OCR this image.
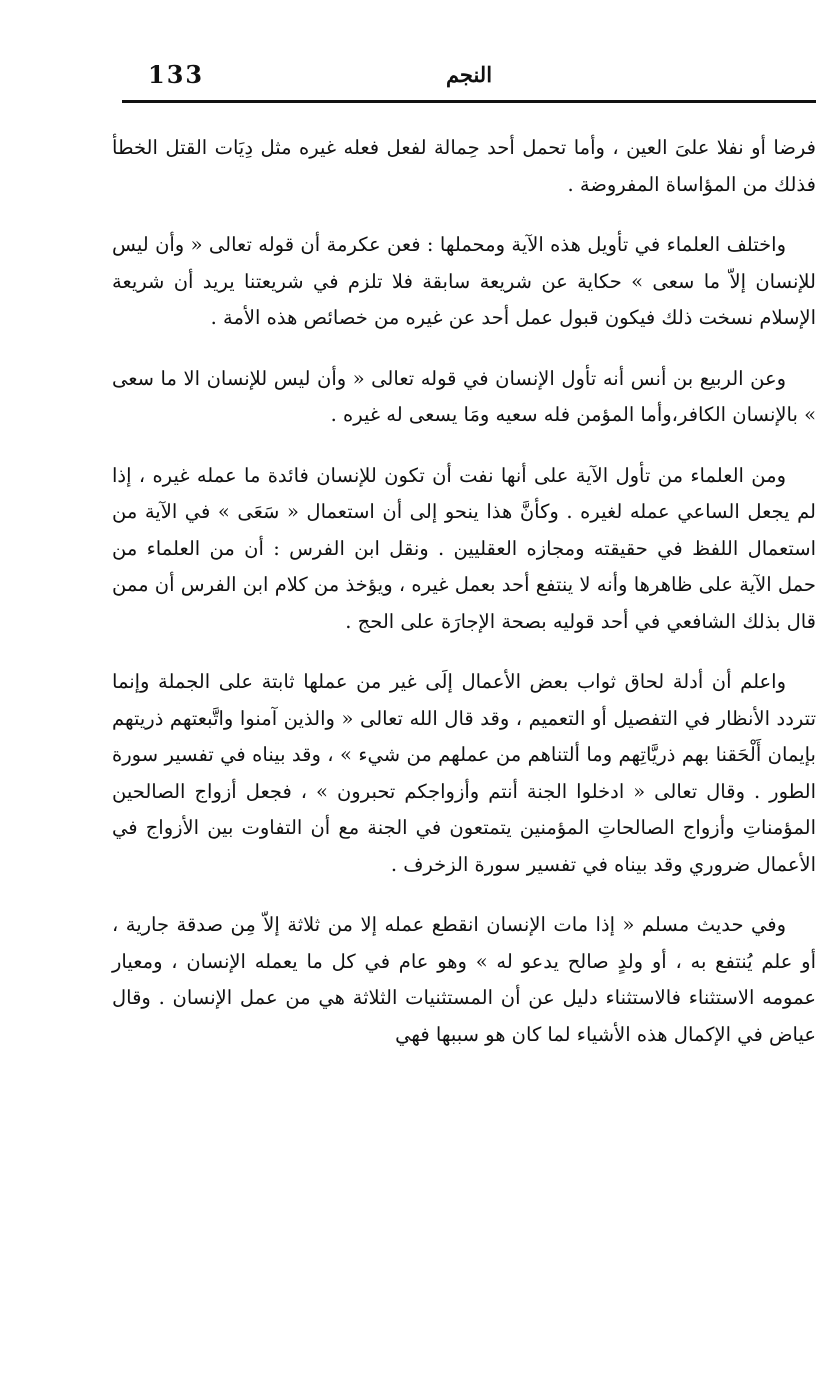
133	النجم

فرضا أو نفلا علىَ العين ، وأما تحمل أحد حِمالة لفعل فعله غيره مثل دِيَات القتل الخطأ فذلك من المؤاساة المفروضة .

واختلف العلماء في تأويل هذه الآية ومحملها : فعن عكرمة أن قوله تعالى « وأن ليس للإنسان إلاّ ما سعى » حكاية عن شريعة سابقة فلا تلزم في شريعتنا يريد أن شريعة الإسلام نسخت ذلك فيكون قبول عمل أحد عن غيره من خصائص هذه الأمة .

وعن الربيع بن أنس أنه تأول الإنسان في قوله تعالى « وأن ليس للإنسان الا ما سعى » بالإنسان الكافر،وأما المؤمن فله سعيه ومَا يسعى له غيره .

ومن العلماء من تأول الآية على أنها نفت أن تكون للإنسان فائدة ما عمله غيره ، إذا لم يجعل الساعي عمله لغيره . وكأنَّ هذا ينحو إلى أن استعمال « سَعَى » في الآية من استعمال اللفظ في حقيقته ومجازه العقليين . ونقل ابن الفرس : أن من العلماء من حمل الآية على ظاهرها وأنه لا ينتفع أحد بعمل غيره ، ويؤخذ من كلام ابن الفرس أن ممن قال بذلك الشافعي في أحد قوليه بصحة الإجارَة على الحج .

واعلم أن أدلة لحاق ثواب بعض الأعمال إلَى غير من عملها ثابتة على الجملة وإنما تتردد الأنظار في التفصيل أو التعميم ، وقد قال الله تعالى « والذين آمنوا واتَّبعتهم ذريتهم بإيمان أَلْحَقنا بهم ذريَّاتِهم وما ألتناهم من عملهم من شيء » ، وقد بيناه في تفسير سورة الطور . وقال تعالى « ادخلوا الجنة أنتم وأزواجكم تحبرون » ، فجعل أزواج الصالحين المؤمناتِ وأزواج الصالحاتِ المؤمنين يتمتعون في الجنة مع أن التفاوت بين الأزواج في الأعمال ضروري وقد بيناه في تفسير سورة الزخرف .

وفي حديث مسلم « إذا مات الإنسان انقطع عمله إلا من ثلاثة إلاّ مِن صدقة جارية ، أو علم يُنتفع به ، أو ولدٍ صالح يدعو له » وهو عام في كل ما يعمله الإنسان ، ومعيار عمومه الاستثناء فالاستثناء دليل عن أن المستثنيات الثلاثة هي من عمل الإنسان . وقال عياض في الإكمال هذه الأشياء لما كان هو سببها فهي
